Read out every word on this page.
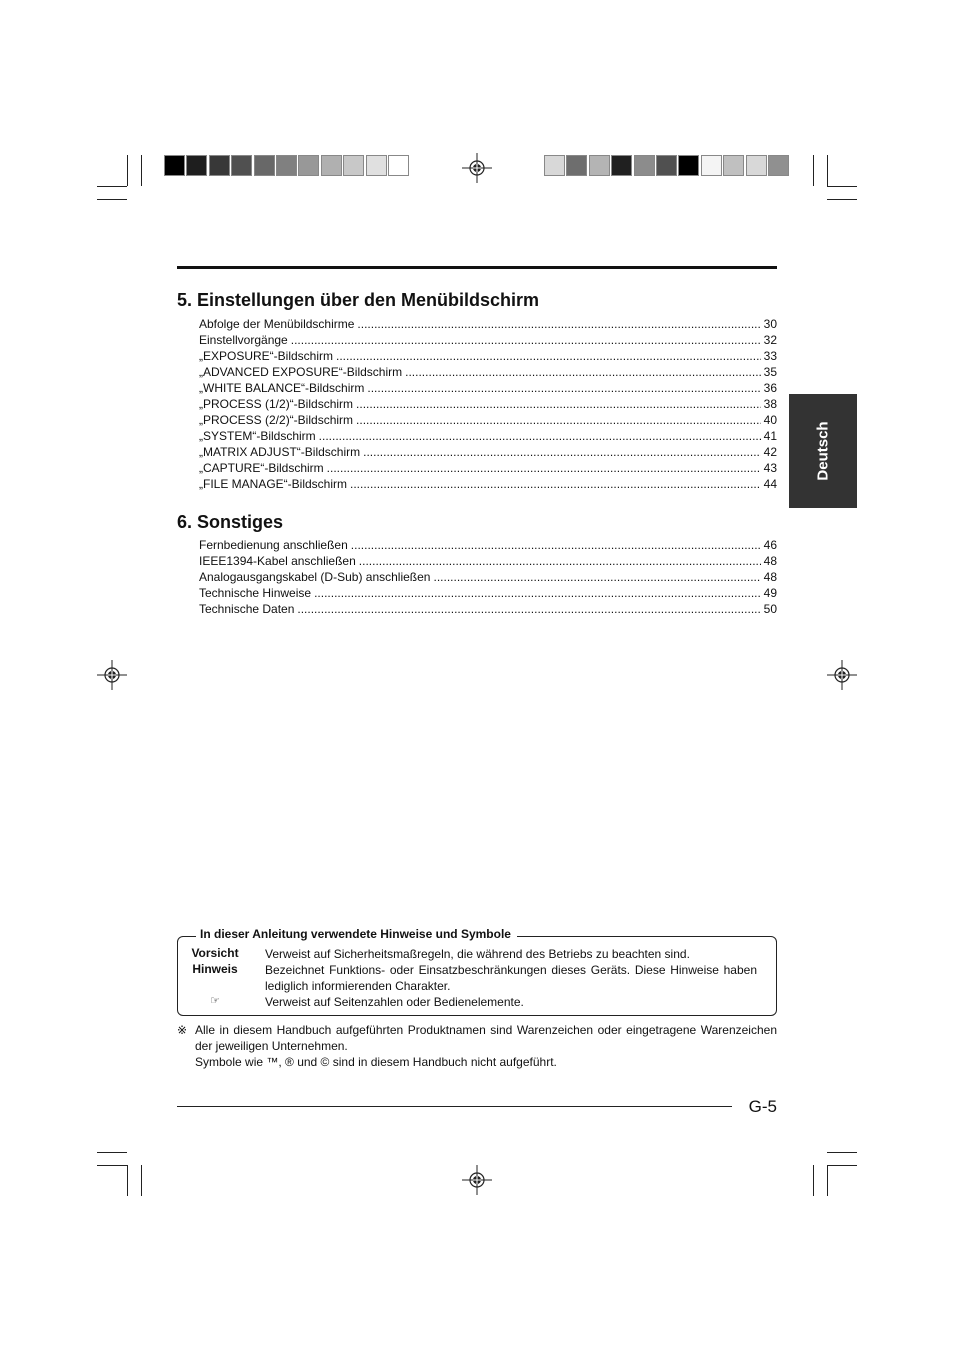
5. Einstellungen über den Menübildschirm
Abfolge der Menübildschirme .....	30
Einstellvorgänge .....	32
„EXPOSURE“-Bildschirm .....	33
„ADVANCED EXPOSURE“-Bildschirm .....	35
„WHITE BALANCE“-Bildschirm .....	36
„PROCESS (1/2)“-Bildschirm .....	38
„PROCESS (2/2)“-Bildschirm .....	40
„SYSTEM“-Bildschirm .....	41
„MATRIX ADJUST“-Bildschirm .....	42
„CAPTURE“-Bildschirm .....	43
„FILE MANAGE“-Bildschirm .....	44
6. Sonstiges
Fernbedienung anschließen .....	46
IEEE1394-Kabel anschließen .....	48
Analogausgangskabel (D-Sub) anschließen .....	48
Technische Hinweise .....	49
Technische Daten .....	50
Deutsch
In dieser Anleitung verwendete Hinweise und Symbole
Vorsicht	Verweist auf Sicherheitsmaßregeln, die während des Betriebs zu beachten sind.
Hinweis	Bezeichnet Funktions- oder Einsatzbeschränkungen dieses Geräts. Diese Hinweise haben lediglich informierenden Charakter.
☞	Verweist auf Seitenzahlen oder Bedienelemente.
※ Alle in diesem Handbuch aufgeführten Produktnamen sind Warenzeichen oder eingetragene Warenzeichen der jeweiligen Unternehmen.
Symbole wie ™, ® und © sind in diesem Handbuch nicht aufgeführt.
G-5
